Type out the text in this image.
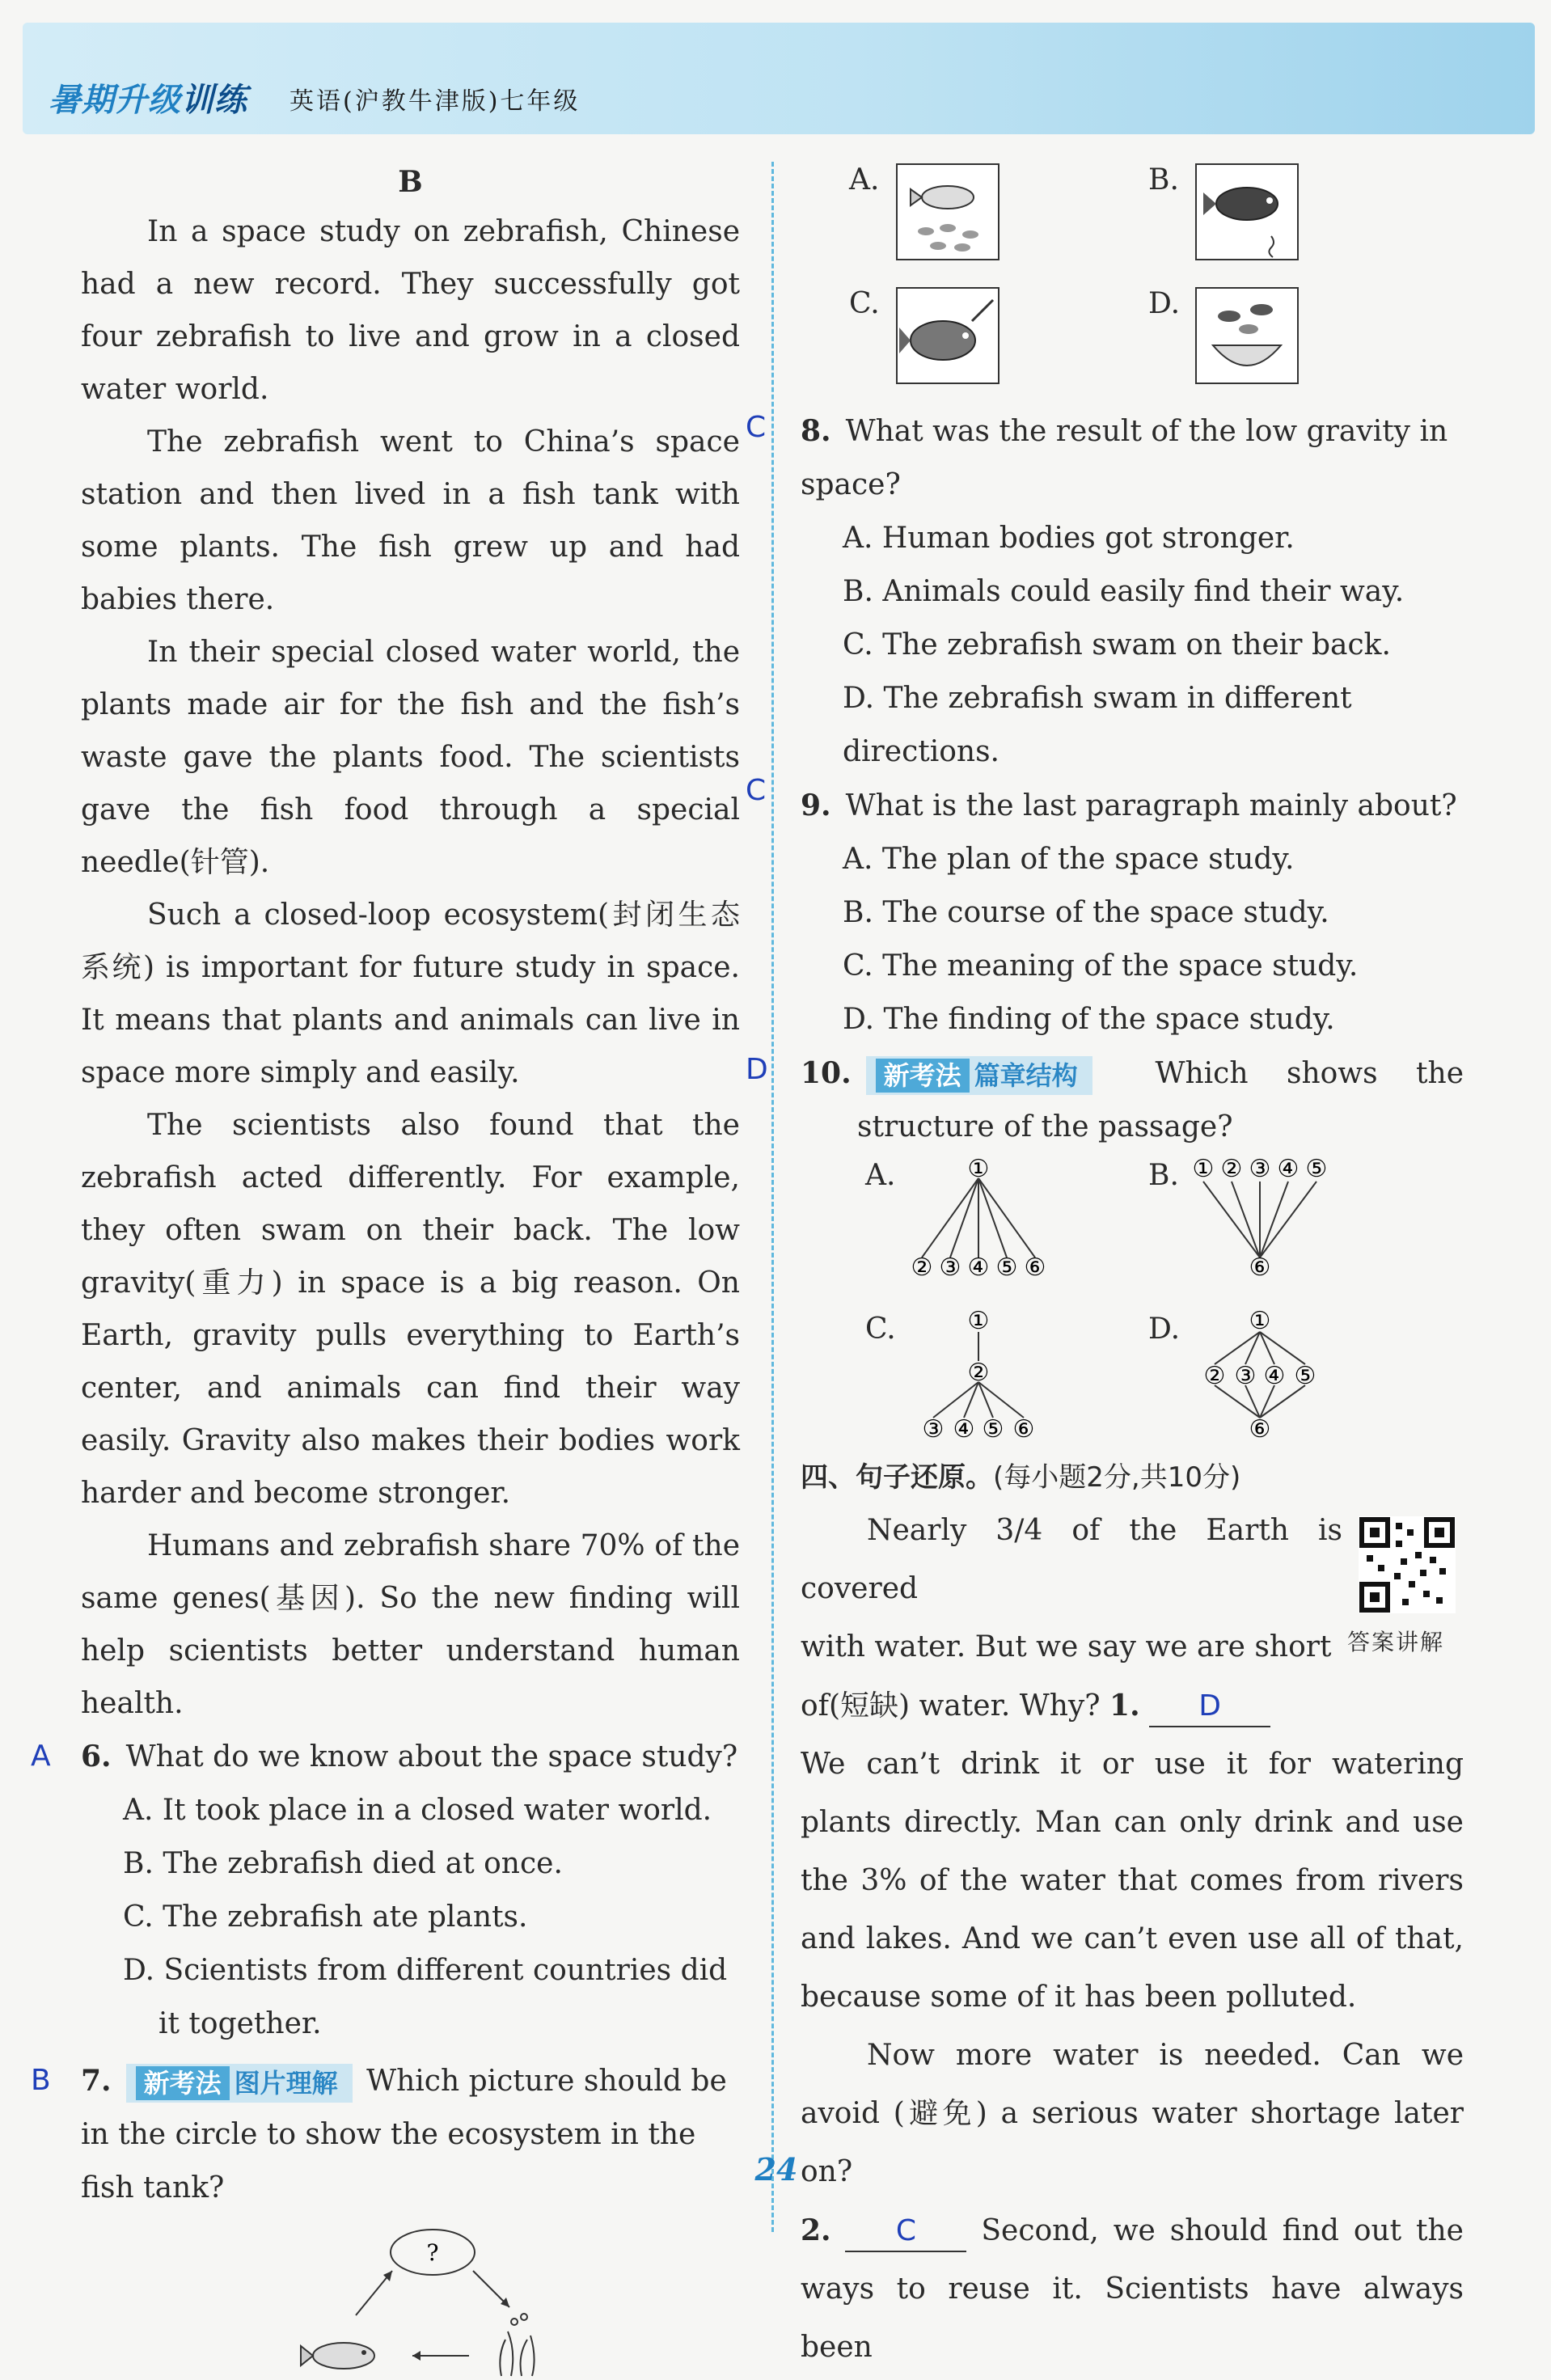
暑期升级训练 英语(沪教牛津版)七年级

B

In a space study on zebrafish, Chinese had a new record. They successfully got four zebrafish to live and grow in a closed water world.

The zebrafish went to China’s space station and then lived in a fish tank with some plants. The fish grew up and had babies there.

In their special closed water world, the plants made air for the fish and the fish’s waste gave the plants food. The scientists gave the fish food through a special needle(针管).

Such a closed-loop ecosystem(封闭生态系统) is important for future study in space. It means that plants and animals can live in space more simply and easily.

The scientists also found that the zebrafish acted differently. For example, they often swam on their back. The low gravity(重力) in space is a big reason. On Earth, gravity pulls everything to Earth’s center, and animals can find their way easily. Gravity also makes their bodies work harder and become stronger.

Humans and zebrafish share 70% of the same genes(基因). So the new finding will help scientists better understand human health.

A 6. What do we know about the space study?

A. It took place in a closed water world.

B. The zebrafish died at once.

C. The zebrafish ate plants.

D. Scientists from different countries did it together.

B 7. 新考法 图片理解 Which picture should be in the circle to show the ecosystem in the fish tank?

?
A.	B.
C.	D.
C 8. What was the result of the low gravity in space?

A. Human bodies got stronger.

B. Animals could easily find their way.

C. The zebrafish swam on their back.

D. The zebrafish swam in different directions.

C 9. What is the last paragraph mainly about?

A. The plan of the space study.

B. The course of the space study.

C. The meaning of the space study.

D. The finding of the space study.

D 10. 新考法 篇章结构	Which shows the

structure of the passage?

A.	①
② ③ ④ ⑤ ⑥
B. ① ② ③ ④ ⑤
⑥
C.	①
②
③ ④ ⑤ ⑥
D.	①
② ③ ④ ⑤
⑥

四、句子还原。(每小题2分,共10分)

答案讲解

Nearly 3/4 of the Earth is covered

with water. But we say we are short

of(短缺) water. Why? 1. D

We can’t drink it or use it for watering plants directly. Man can only drink and use the 3% of the water that comes from rivers and lakes. And we can’t even use all of that, because some of it has been polluted.

Now more water is needed. Can we avoid (避免) a serious water shortage later on?

2. C Second, we should find out the ways to reuse it. Scientists have always been

24
